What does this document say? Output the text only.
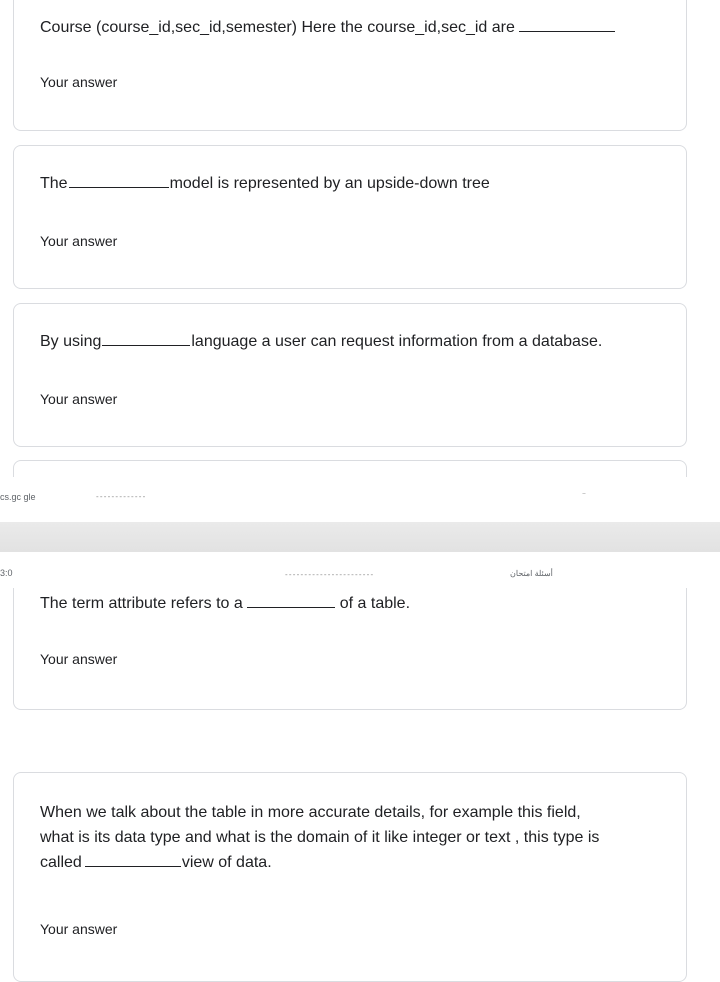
Course (course_id,sec_id,semester) Here the course_id,sec_id are
Your answer
The	model is represented by an upside-down tree
Your answer
By using	language a user can request information from a database.
Your answer
cs.gc gle	- - - - - - - - - - - - -
..
3:0	أسئلة امتحان
- - - - - - - - - - - - - - - - - - - - - - -
The term attribute refers to a	of a table.
Your answer
When we talk about the table in more accurate details, for example this field,
what is its data type and what is the domain of it like integer or text , this type is
called	view of data.
Your answer
